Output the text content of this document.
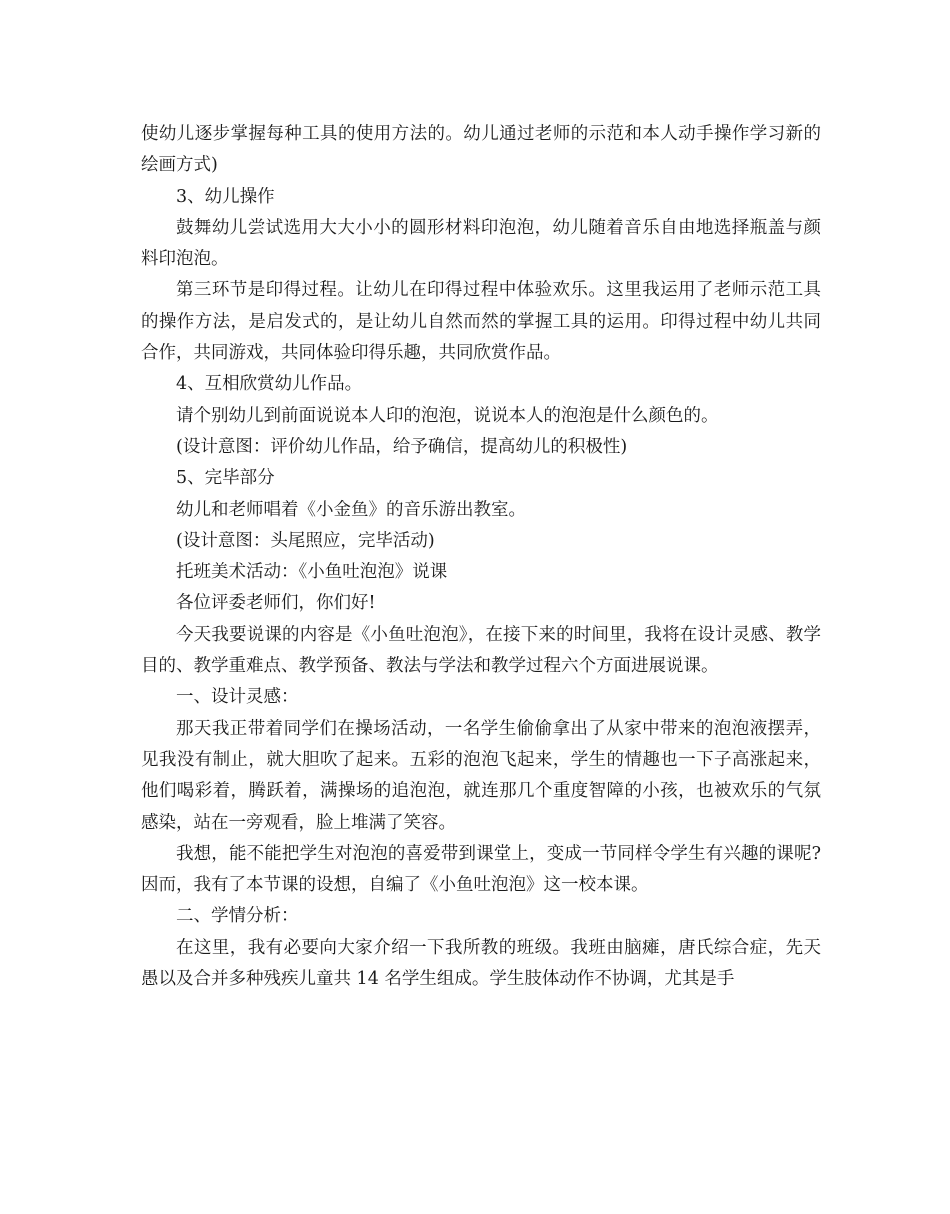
使幼儿逐步掌握每种工具的使用方法的。幼儿通过老师的示范和本人动手操作学习新的绘画方式)

3、幼儿操作

鼓舞幼儿尝试选用大大小小的圆形材料印泡泡，幼儿随着音乐自由地选择瓶盖与颜料印泡泡。

第三环节是印得过程。让幼儿在印得过程中体验欢乐。这里我运用了老师示范工具的操作方法，是启发式的，是让幼儿自然而然的掌握工具的运用。印得过程中幼儿共同合作，共同游戏，共同体验印得乐趣，共同欣赏作品。

4、互相欣赏幼儿作品。

请个别幼儿到前面说说本人印的泡泡，说说本人的泡泡是什么颜色的。

(设计意图：评价幼儿作品，给予确信，提高幼儿的积极性)

5、完毕部分

幼儿和老师唱着《小金鱼》的音乐游出教室。

(设计意图：头尾照应，完毕活动)

托班美术活动：《小鱼吐泡泡》说课

各位评委老师们，你们好!

今天我要说课的内容是《小鱼吐泡泡》，在接下来的时间里，我将在设计灵感、教学目的、教学重难点、教学预备、教法与学法和教学过程六个方面进展说课。

一、设计灵感：

那天我正带着同学们在操场活动，一名学生偷偷拿出了从家中带来的泡泡液摆弄，见我没有制止，就大胆吹了起来。五彩的泡泡飞起来，学生的情趣也一下子高涨起来，他们喝彩着，腾跃着，满操场的追泡泡，就连那几个重度智障的小孩，也被欢乐的气氛感染，站在一旁观看，脸上堆满了笑容。

我想，能不能把学生对泡泡的喜爱带到课堂上，变成一节同样令学生有兴趣的课呢?因而，我有了本节课的设想，自编了《小鱼吐泡泡》这一校本课。

二、学情分析：

在这里，我有必要向大家介绍一下我所教的班级。我班由脑瘫，唐氏综合症，先天愚以及合并多种残疾儿童共 14 名学生组成。学生肢体动作不协调，尤其是手
